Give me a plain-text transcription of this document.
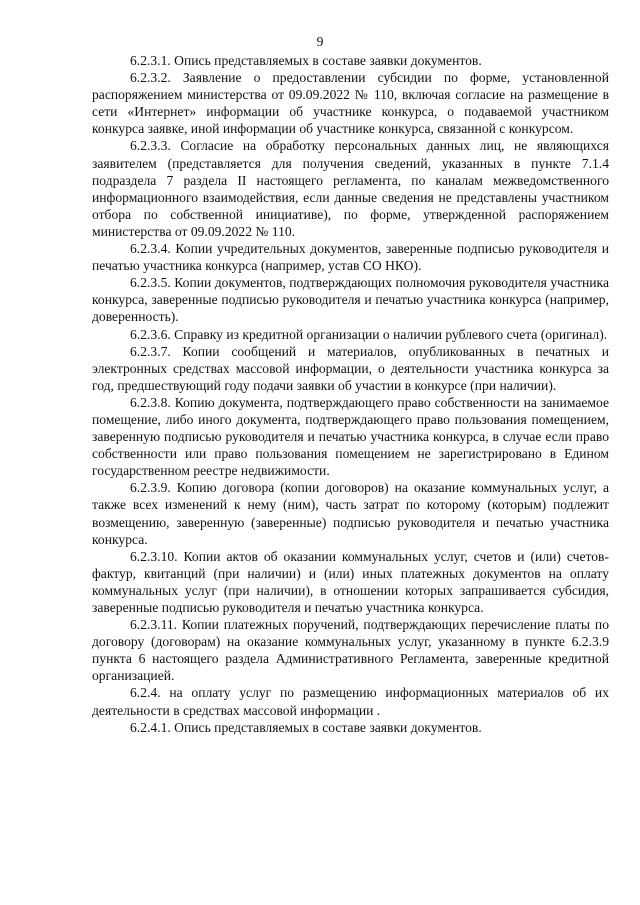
9

6.2.3.1. Опись представляемых в составе заявки документов.

6.2.3.2. Заявление о предоставлении субсидии по форме, установленной распоряжением министерства от 09.09.2022 № 110, включая согласие на размещение в сети «Интернет» информации об участнике конкурса, о подаваемой участником конкурса заявке, иной информации об участнике конкурса, связанной с конкурсом.

6.2.3.3. Согласие на обработку персональных данных лиц, не являющихся заявителем (представляется для получения сведений, указанных в пункте 7.1.4 подраздела 7 раздела II настоящего регламента, по каналам межведомственного информационного взаимодействия, если данные сведения не представлены участником отбора по собственной инициативе), по форме, утвержденной распоряжением министерства от 09.09.2022 № 110.

6.2.3.4. Копии учредительных документов, заверенные подписью руководителя и печатью участника конкурса (например, устав СО НКО).

6.2.3.5. Копии документов, подтверждающих полномочия руководителя участника конкурса, заверенные подписью руководителя и печатью участника конкурса (например, доверенность).

6.2.3.6. Справку из кредитной организации о наличии рублевого счета (оригинал).

6.2.3.7. Копии сообщений и материалов, опубликованных в печатных и электронных средствах массовой информации, о деятельности участника конкурса за год, предшествующий году подачи заявки об участии в конкурсе (при наличии).

6.2.3.8. Копию документа, подтверждающего право собственности на занимаемое помещение, либо иного документа, подтверждающего право пользования помещением, заверенную подписью руководителя и печатью участника конкурса, в случае если право собственности или право пользования помещением не зарегистрировано в Едином государственном реестре недвижимости.

6.2.3.9. Копию договора (копии договоров) на оказание коммунальных услуг, а также всех изменений к нему (ним), часть затрат по которому (которым) подлежит возмещению, заверенную (заверенные) подписью руководителя и печатью участника конкурса.

6.2.3.10. Копии актов об оказании коммунальных услуг, счетов и (или) счетов-фактур, квитанций (при наличии) и (или) иных платежных документов на оплату коммунальных услуг (при наличии), в отношении которых запрашивается субсидия, заверенные подписью руководителя и печатью участника конкурса.

6.2.3.11. Копии платежных поручений, подтверждающих перечисление платы по договору (договорам) на оказание коммунальных услуг, указанному в пункте 6.2.3.9 пункта 6 настоящего раздела Административного Регламента, заверенные кредитной организацией.

6.2.4. на оплату услуг по размещению информационных материалов об их деятельности в средствах массовой информации .

6.2.4.1. Опись представляемых в составе заявки документов.
